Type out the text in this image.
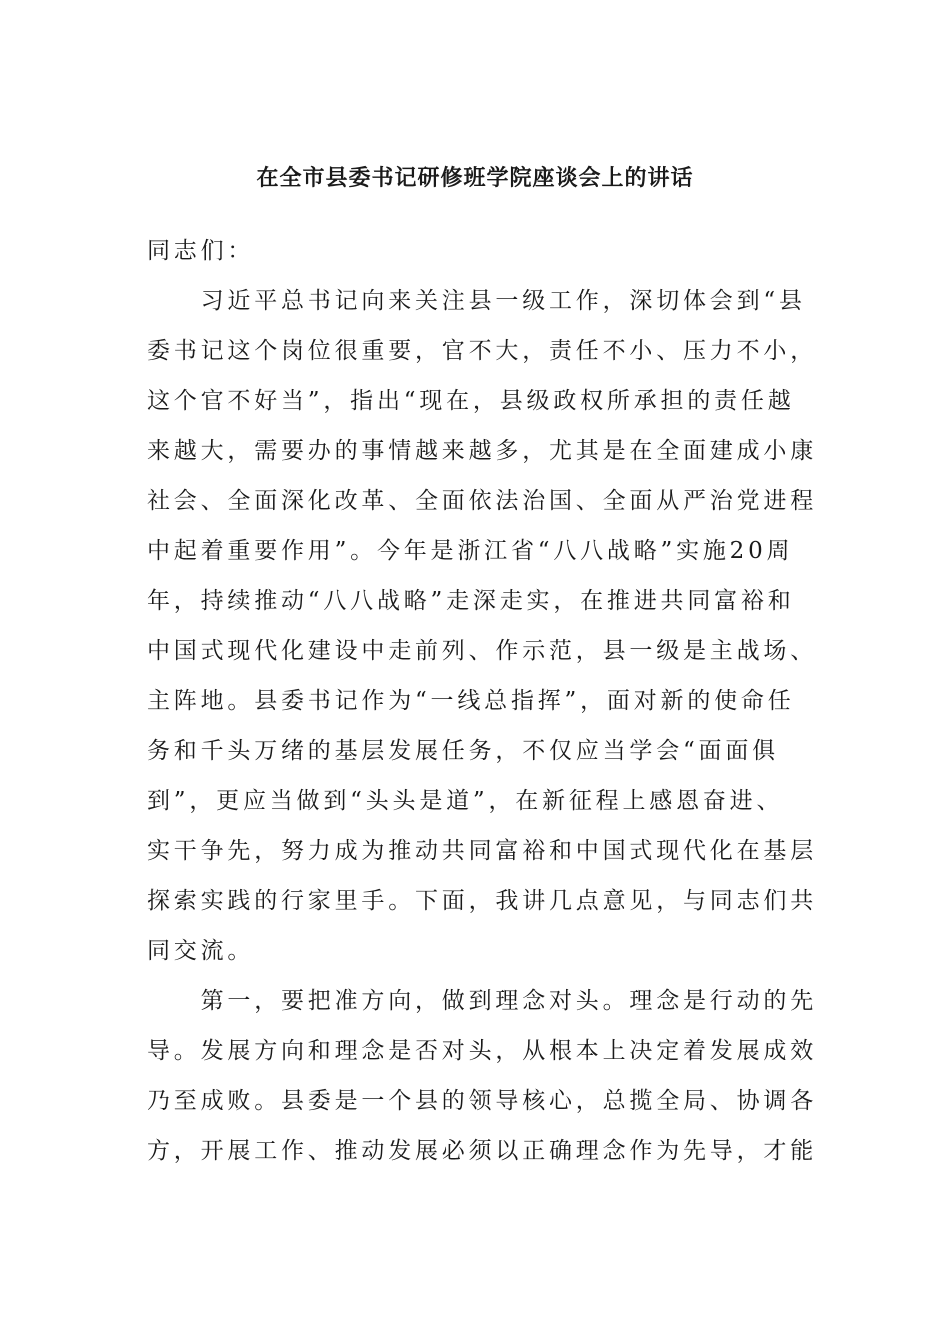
在全市县委书记研修班学院座谈会上的讲话
同志们：
　　习近平总书记向来关注县一级工作，深切体会到“县
委书记这个岗位很重要，官不大，责任不小、压力不小，
这个官不好当”，指出“现在，县级政权所承担的责任越
来越大，需要办的事情越来越多，尤其是在全面建成小康
社会、全面深化改革、全面依法治国、全面从严治党进程
中起着重要作用”。今年是浙江省“八八战略”实施20周
年，持续推动“八八战略”走深走实，在推进共同富裕和
中国式现代化建设中走前列、作示范，县一级是主战场、
主阵地。县委书记作为“一线总指挥”，面对新的使命任
务和千头万绪的基层发展任务，不仅应当学会“面面俱
到”，更应当做到“头头是道”，在新征程上感恩奋进、
实干争先，努力成为推动共同富裕和中国式现代化在基层
探索实践的行家里手。下面，我讲几点意见，与同志们共
同交流。
　　第一，要把准方向，做到理念对头。理念是行动的先
导。发展方向和理念是否对头，从根本上决定着发展成效
乃至成败。县委是一个县的领导核心，总揽全局、协调各
方，开展工作、推动发展必须以正确理念作为先导，才能
